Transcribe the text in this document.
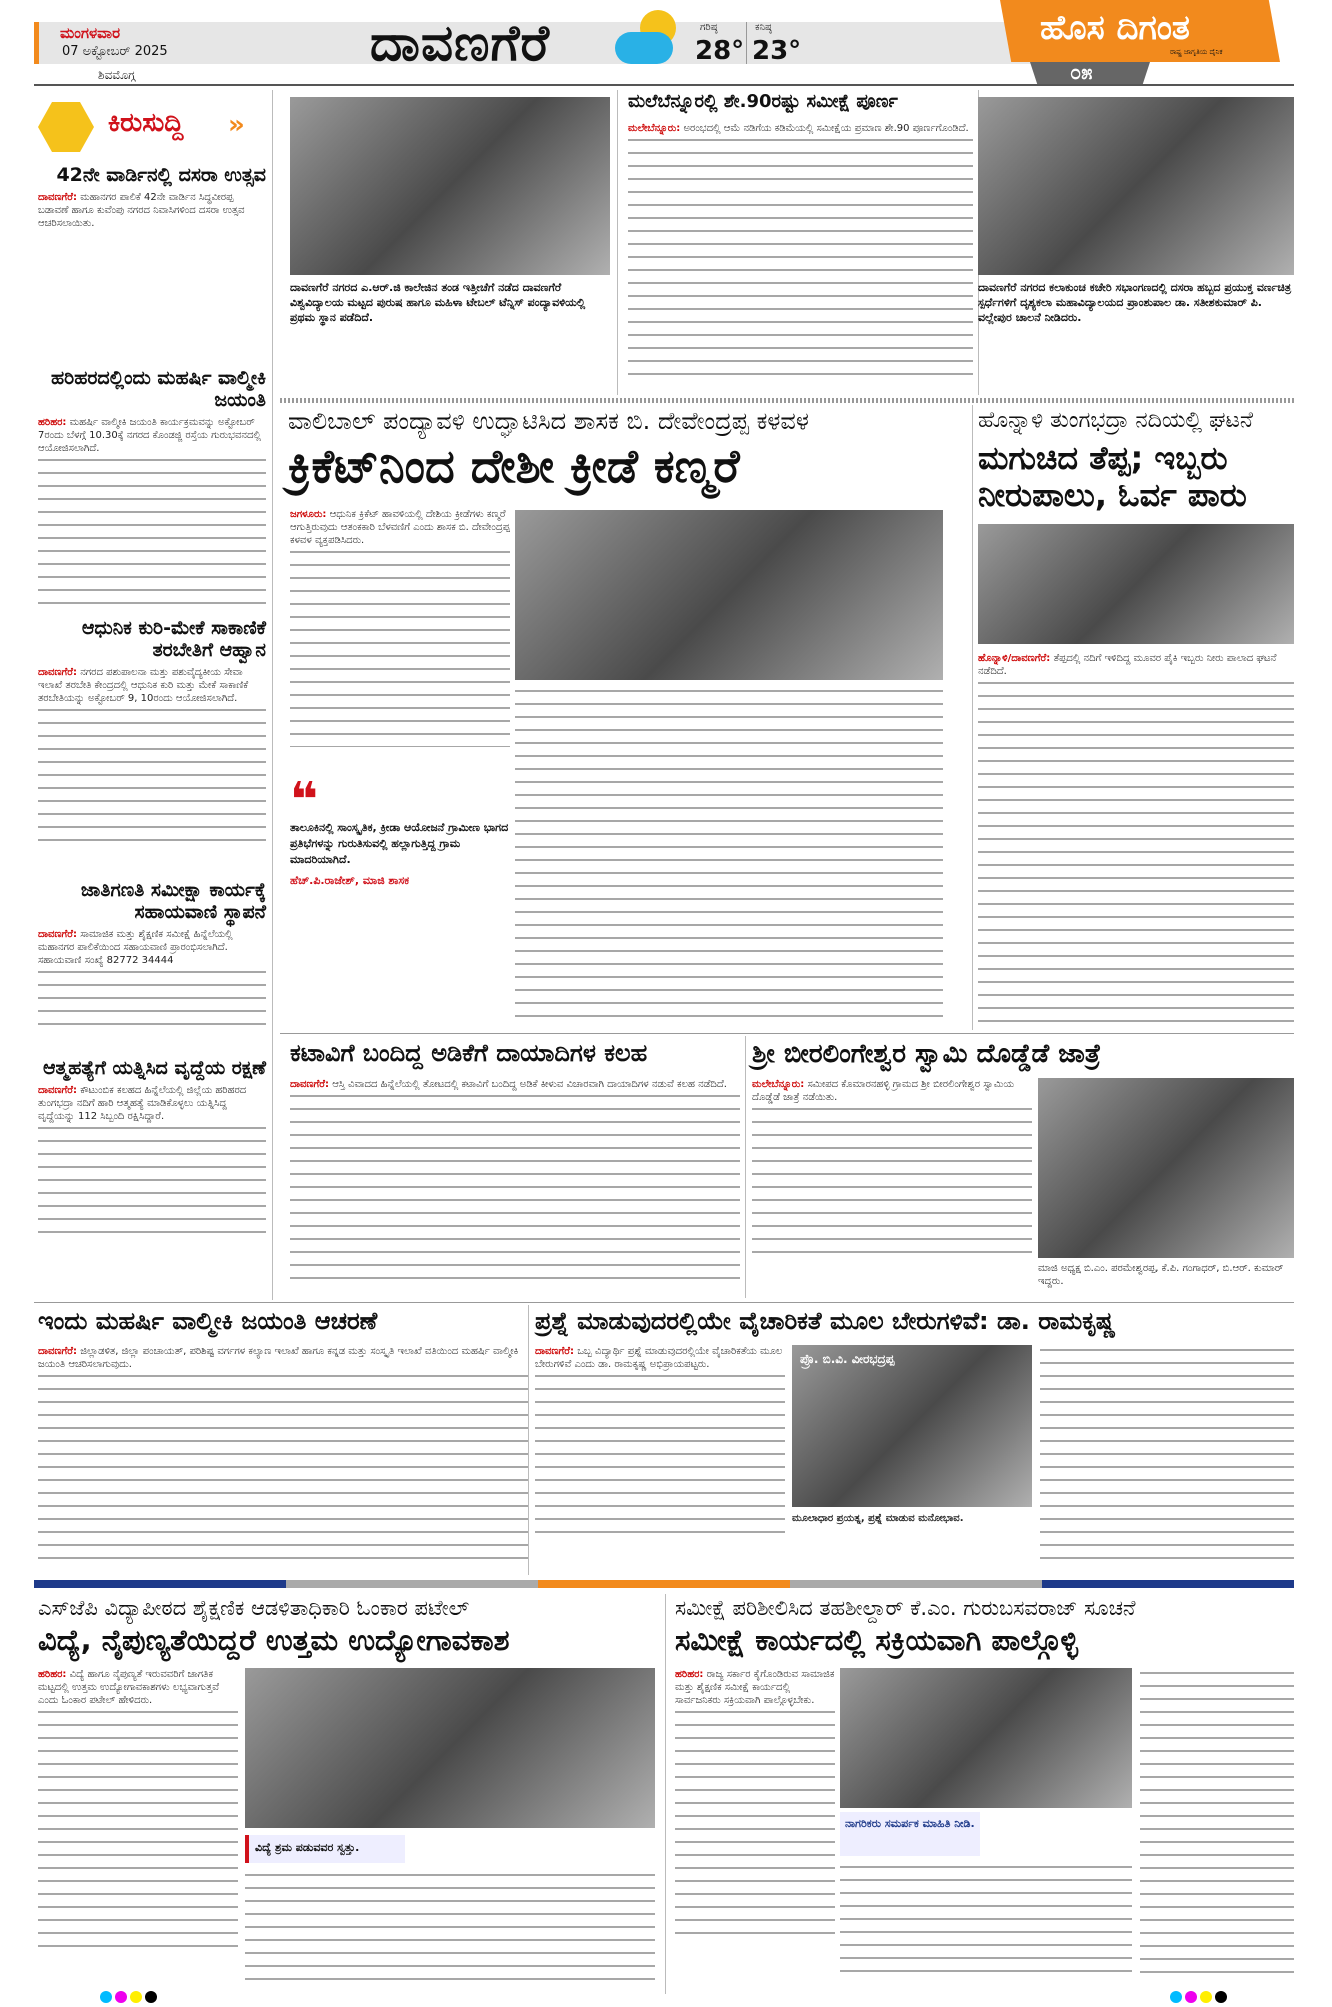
ಮಂಗಳವಾರ
07 ಅಕ್ಟೋಬರ್ 2025
ಶಿವಮೊಗ್ಗ
ದಾವಣಗೆರೆ	ಗರಿಷ್ಠ
28°
ಕನಿಷ್ಠ
23°
ಹೊಸ ದಿಗಂತ
ರಾಷ್ಟ್ರ ಜಾಗೃತಿಯ ದೈನಿಕ
೦೫
ಕಿರುಸುದ್ದಿ »
42ನೇ ವಾರ್ಡಿನಲ್ಲಿ ದಸರಾ ಉತ್ಸವ
ದಾವಣಗೆರೆ: ಮಹಾನಗರ ಪಾಲಿಕೆ 42ನೇ ವಾರ್ಡಿನ ಸಿದ್ಧವೀರಪ್ಪ ಬಡಾವಣೆ ಹಾಗೂ ಕುವೆಂಪು ನಗರದ ನಿವಾಸಿಗಳಿಂದ ದಸರಾ ಉತ್ಸವ ಆಚರಿಸಲಾಯಿತು.
ಹರಿಹರದಲ್ಲಿಂದು ಮಹರ್ಷಿ ವಾಲ್ಮೀಕಿ ಜಯಂತಿ
ಹರಿಹರ: ಮಹರ್ಷಿ ವಾಲ್ಮೀಕಿ ಜಯಂತಿ ಕಾರ್ಯಕ್ರಮವನ್ನು ಅಕ್ಟೋಬರ್ 7ರಂದು ಬೆಳಗ್ಗೆ 10.30ಕ್ಕೆ ನಗರದ ಕೊಂಡಜ್ಜಿ ರಸ್ತೆಯ ಗುರುಭವನದಲ್ಲಿ ಆಯೋಜಿಸಲಾಗಿದೆ.
ಆಧುನಿಕ ಕುರಿ-ಮೇಕೆ ಸಾಕಾಣಿಕೆ ತರಬೇತಿಗೆ ಆಹ್ವಾನ
ದಾವಣಗೆರೆ: ನಗರದ ಪಶುಪಾಲನಾ ಮತ್ತು ಪಶುವೈದ್ಯಕೀಯ ಸೇವಾ ಇಲಾಖೆ ತರಬೇತಿ ಕೇಂದ್ರದಲ್ಲಿ ಆಧುನಿಕ ಕುರಿ ಮತ್ತು ಮೇಕೆ ಸಾಕಾಣಿಕೆ ತರಬೇತಿಯನ್ನು ಅಕ್ಟೋಬರ್ 9, 10ರಂದು ಆಯೋಜಿಸಲಾಗಿದೆ.
ಜಾತಿಗಣತಿ ಸಮೀಕ್ಷಾ ಕಾರ್ಯಕ್ಕೆ ಸಹಾಯವಾಣಿ ಸ್ಥಾಪನೆ
ದಾವಣಗೆರೆ: ಸಾಮಾಜಿಕ ಮತ್ತು ಶೈಕ್ಷಣಿಕ ಸಮೀಕ್ಷೆ ಹಿನ್ನೆಲೆಯಲ್ಲಿ ಮಹಾನಗರ ಪಾಲಿಕೆಯಿಂದ ಸಹಾಯವಾಣಿ ಪ್ರಾರಂಭಿಸಲಾಗಿದೆ. ಸಹಾಯವಾಣಿ ಸಂಖ್ಯೆ 82772 34444
ಆತ್ಮಹತ್ಯೆಗೆ ಯತ್ನಿಸಿದ ವೃದ್ದೆಯ ರಕ್ಷಣೆ
ದಾವಣಗೆರೆ: ಕೌಟುಂಬಿಕ ಕಲಹದ ಹಿನ್ನೆಲೆಯಲ್ಲಿ ಜಿಲ್ಲೆಯ ಹರಿಹರದ ತುಂಗಭದ್ರಾ ನದಿಗೆ ಹಾರಿ ಆತ್ಮಹತ್ಯೆ ಮಾಡಿಕೊಳ್ಳಲು ಯತ್ನಿಸಿದ್ದ ವೃದ್ದೆಯನ್ನು 112 ಸಿಬ್ಬಂದಿ ರಕ್ಷಿಸಿದ್ದಾರೆ.
ದಾವಣಗೆರೆ ನಗರದ ಎ.ಆರ್.ಜಿ ಕಾಲೇಜಿನ ತಂಡ ಇತ್ತೀಚೆಗೆ ನಡೆದ ದಾವಣಗೆರೆ ವಿಶ್ವವಿದ್ಯಾಲಯ ಮಟ್ಟದ ಪುರುಷ ಹಾಗೂ ಮಹಿಳಾ ಟೇಬಲ್ ಟೆನ್ನಿಸ್ ಪಂದ್ಯಾವಳಿಯಲ್ಲಿ ಪ್ರಥಮ ಸ್ಥಾನ ಪಡೆದಿದೆ.
ಮಲೆಬೆನ್ನೂರಲ್ಲಿ ಶೇ.90ರಷ್ಟು ಸಮೀಕ್ಷೆ ಪೂರ್ಣ
ಮಲೇಬೆನ್ನೂರು: ಅರಂಭದಲ್ಲಿ ಆಮೆ ನಡಿಗೆಯ ಕಡಿಮೆಯಲ್ಲಿ ಸಮೀಕ್ಷೆಯ ಪ್ರಮಾಣ ಶೇ.90 ಪೂರ್ಣಗೊಂಡಿದೆ.
ದಾವಣಗೆರೆ ನಗರದ ಕಲಾಕುಂಚ ಕಚೇರಿ ಸಭಾಂಗಣದಲ್ಲಿ ದಸರಾ ಹಬ್ಬದ ಪ್ರಯುಕ್ತ ವರ್ಣಚಿತ್ರ ಸ್ಪರ್ಧೆಗಳಿಗೆ ದೃಶ್ಯಕಲಾ ಮಹಾವಿದ್ಯಾಲಯದ ಪ್ರಾಂಶುಪಾಲ ಡಾ. ಸತೀಶಕುಮಾರ್ ಪಿ. ವಲ್ಲೇಪುರ ಚಾಲನೆ ನೀಡಿದರು.
ವಾಲಿಬಾಲ್ ಪಂದ್ಯಾವಳಿ ಉದ್ಘಾಟಿಸಿದ ಶಾಸಕ ಬಿ. ದೇವೇಂದ್ರಪ್ಪ ಕಳವಳ
ಕ್ರಿಕೆಟ್‌ನಿಂದ ದೇಶೀ ಕ್ರೀಡೆ ಕಣ್ಮರೆ
ಜಗಳೂರು: ಆಧುನಿಕ ಕ್ರಿಕೆಟ್ ಹಾವಳಿಯಲ್ಲಿ ದೇಶಿಯ ಕ್ರೀಡೆಗಳು ಕಣ್ಮರೆ ಆಗುತ್ತಿರುವುದು ಆತಂಕಕಾರಿ ಬೆಳವಣಿಗೆ ಎಂದು ಶಾಸಕ ಬಿ. ದೇವೇಂದ್ರಪ್ಪ ಕಳವಳ ವ್ಯಕ್ತಪಡಿಸಿದರು.
❝
ತಾಲೂಕಿನಲ್ಲಿ ಸಾಂಸ್ಕೃತಿಕ, ಕ್ರೀಡಾ ಆಯೋಜನೆ ಗ್ರಾಮೀಣ ಭಾಗದ ಪ್ರತಿಭೆಗಳನ್ನು ಗುರುತಿಸುವಲ್ಲಿ ಹಲ್ಲಾಗುತ್ತಿದ್ದ ಗ್ರಾಮ ಮಾದರಿಯಾಗಿದೆ.
ಹೆಚ್.ಪಿ.ರಾಜೇಶ್, ಮಾಜಿ ಶಾಸಕ
ಹೊನ್ನಾಳಿ ತುಂಗಭದ್ರಾ ನದಿಯಲ್ಲಿ ಘಟನೆ
ಮಗುಚಿದ ತೆಪ್ಪ; ಇಬ್ಬರು ನೀರುಪಾಲು, ಓರ್ವ ಪಾರು
ಹೊನ್ನಾಳಿ/ದಾವಣಗೆರೆ: ತೆಪ್ಪದಲ್ಲಿ ನದಿಗೆ ಇಳಿದಿದ್ದ ಮೂವರ ಪೈಕಿ ಇಬ್ಬರು ನೀರು ಪಾಲಾದ ಘಟನೆ ನಡೆದಿದೆ.
ಕಟಾವಿಗೆ ಬಂದಿದ್ದ ಅಡಿಕೆಗೆ ದಾಯಾದಿಗಳ ಕಲಹ
ದಾವಣಗೆರೆ: ಆಸ್ತಿ ವಿವಾದದ ಹಿನ್ನೆಲೆಯಲ್ಲಿ ತೋಟದಲ್ಲಿ ಕಟಾವಿಗೆ ಬಂದಿದ್ದ ಅಡಿಕೆ ಕೀಳುವ ವಿಚಾರವಾಗಿ ದಾಯಾದಿಗಳ ನಡುವೆ ಕಲಹ ನಡೆದಿದೆ.
ಶ್ರೀ ಬೀರಲಿಂಗೇಶ್ವರ ಸ್ವಾಮಿ ದೊಡ್ಡೆಡೆ ಜಾತ್ರೆ
ಮಲೇಬೆನ್ನೂರು: ಸಮೀಪದ ಕೊಮಾರನಹಳ್ಳಿ ಗ್ರಾಮದ ಶ್ರೀ ಬೀರಲಿಂಗೇಶ್ವರ ಸ್ವಾಮಿಯ ದೊಡ್ಡೆಡೆ ಜಾತ್ರೆ ನಡೆಯಿತು.
ಮಾಜಿ ಅಧ್ಯಕ್ಷ ಬಿ.ಎಂ. ಪರಮೇಶ್ವರಪ್ಪ, ಕೆ.ಪಿ. ಗಂಗಾಧರ್, ಬಿ.ಆರ್. ಕುಮಾರ್ ಇದ್ದರು.
ಇಂದು ಮಹರ್ಷಿ ವಾಲ್ಮೀಕಿ ಜಯಂತಿ ಆಚರಣೆ
ದಾವಣಗೆರೆ: ಜಿಲ್ಲಾಡಳಿತ, ಜಿಲ್ಲಾ ಪಂಚಾಯತ್, ಪರಿಶಿಷ್ಟ ವರ್ಗಗಳ ಕಲ್ಯಾಣ ಇಲಾಖೆ ಹಾಗೂ ಕನ್ನಡ ಮತ್ತು ಸಂಸ್ಕೃತಿ ಇಲಾಖೆ ವತಿಯಿಂದ ಮಹರ್ಷಿ ವಾಲ್ಮೀಕಿ ಜಯಂತಿ ಆಚರಿಸಲಾಗುವುದು.
ಪ್ರಶ್ನೆ ಮಾಡುವುದರಲ್ಲಿಯೇ ವೈಚಾರಿಕತೆ ಮೂಲ ಬೇರುಗಳಿವೆ: ಡಾ. ರಾಮಕೃಷ್ಣ
ದಾವಣಗೆರೆ: ಒಬ್ಬ ವಿದ್ಯಾರ್ಥಿ ಪ್ರಶ್ನೆ ಮಾಡುವುದರಲ್ಲಿಯೇ ವೈಚಾರಿಕತೆಯ ಮೂಲ ಬೇರುಗಳಿವೆ ಎಂದು ಡಾ. ರಾಮಕೃಷ್ಣ ಅಭಿಪ್ರಾಯಪಟ್ಟರು.	ಪ್ರೊ. ಬಿ.ವಿ. ವೀರಭದ್ರಪ್ಪ
ಮೂಲಾಧಾರ ಪ್ರಯತ್ನ, ಪ್ರಶ್ನೆ ಮಾಡುವ ಮನೋಭಾವ.
ಎಸ್‌ಜೆಪಿ ವಿದ್ಯಾಪೀಠದ ಶೈಕ್ಷಣಿಕ ಆಡಳಿತಾಧಿಕಾರಿ ಓಂಕಾರ ಪಟೇಲ್
ವಿದ್ಯೆ, ನೈಪುಣ್ಯತೆಯಿದ್ದರೆ ಉತ್ತಮ ಉದ್ಯೋಗಾವಕಾಶ
ಹರಿಹರ: ವಿದ್ಯೆ ಹಾಗೂ ನೈಪುಣ್ಯತೆ ಇರುವವರಿಗೆ ಜಾಗತಿಕ ಮಟ್ಟದಲ್ಲಿ ಉತ್ತಮ ಉದ್ಯೋಗಾವಕಾಶಗಳು ಲಭ್ಯವಾಗುತ್ತವೆ ಎಂದು ಓಂಕಾರ ಪಟೇಲ್ ಹೇಳಿದರು.
ವಿದ್ಯೆ ಶ್ರಮ ಪಡುವವರ ಸ್ವತ್ತು.
ಸಮೀಕ್ಷೆ ಪರಿಶೀಲಿಸಿದ ತಹಶೀಲ್ದಾರ್ ಕೆ.ಎಂ. ಗುರುಬಸವರಾಜ್ ಸೂಚನೆ
ಸಮೀಕ್ಷೆ ಕಾರ್ಯದಲ್ಲಿ ಸಕ್ರಿಯವಾಗಿ ಪಾಲ್ಗೊಳ್ಳಿ
ಹರಿಹರ: ರಾಜ್ಯ ಸರ್ಕಾರ ಕೈಗೊಂಡಿರುವ ಸಾಮಾಜಿಕ ಮತ್ತು ಶೈಕ್ಷಣಿಕ ಸಮೀಕ್ಷೆ ಕಾರ್ಯದಲ್ಲಿ ಸಾರ್ವಜನಿಕರು ಸಕ್ರಿಯವಾಗಿ ಪಾಲ್ಗೊಳ್ಳಬೇಕು.
ನಾಗರಿಕರು ಸಮರ್ಪಕ ಮಾಹಿತಿ ನೀಡಿ.
